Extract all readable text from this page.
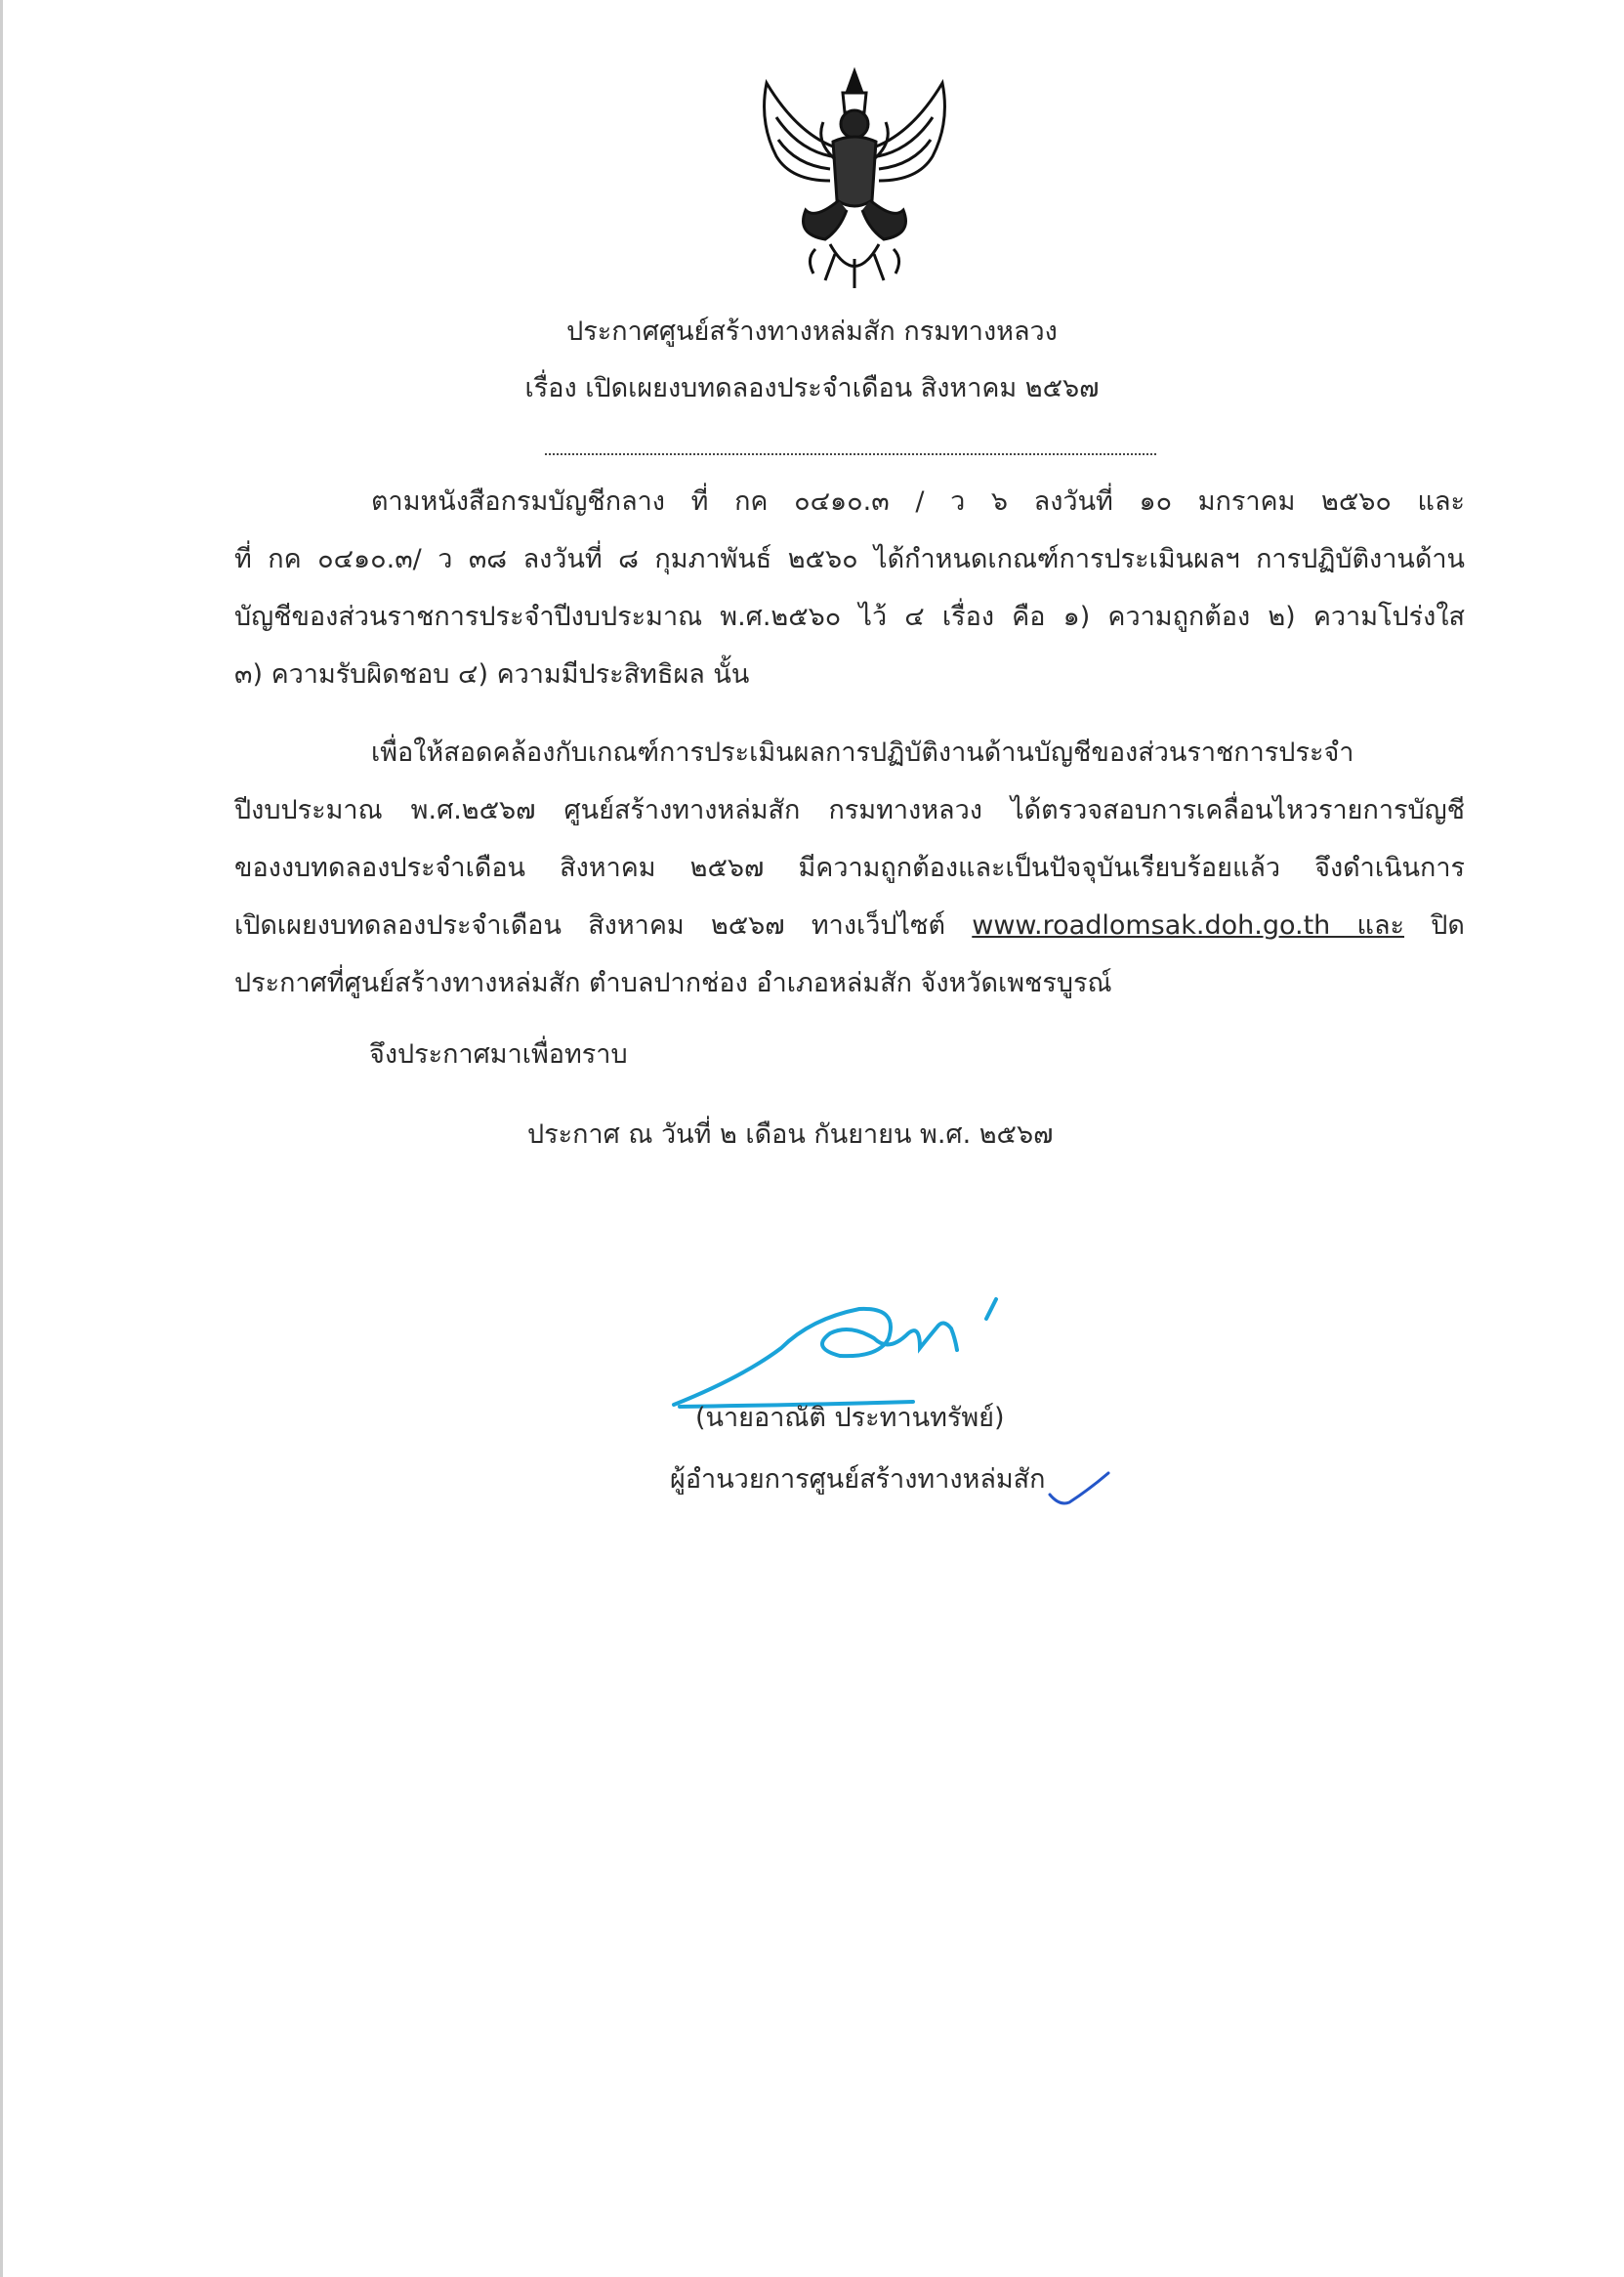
ประกาศศูนย์สร้างทางหล่มสัก กรมทางหลวง
เรื่อง เปิดเผยงบทดลองประจำเดือน สิงหาคม ๒๕๖๗
ตามหนังสือกรมบัญชีกลาง ที่ กค ๐๔๑๐.๓ / ว ๖ ลงวันที่ ๑๐ มกราคม ๒๕๖๐ และ
ที่ กค ๐๔๑๐.๓/ ว ๓๘ ลงวันที่ ๘ กุมภาพันธ์ ๒๕๖๐ ได้กำหนดเกณฑ์การประเมินผลฯ การปฏิบัติงานด้าน
บัญชีของส่วนราชการประจำปีงบประมาณ พ.ศ.๒๕๖๐ ไว้ ๔ เรื่อง คือ ๑) ความถูกต้อง ๒) ความโปร่งใส
๓) ความรับผิดชอบ ๔) ความมีประสิทธิผล นั้น
เพื่อให้สอดคล้องกับเกณฑ์การประเมินผลการปฏิบัติงานด้านบัญชีของส่วนราชการประจำ
ปีงบประมาณ พ.ศ.๒๕๖๗ ศูนย์สร้างทางหล่มสัก กรมทางหลวง ได้ตรวจสอบการเคลื่อนไหวรายการบัญชี
ของงบทดลองประจำเดือน สิงหาคม ๒๕๖๗ มีความถูกต้องและเป็นปัจจุบันเรียบร้อยแล้ว จึงดำเนินการ
เปิดเผยงบทดลองประจำเดือน สิงหาคม ๒๕๖๗ ทางเว็ปไซต์ www.roadlomsak.doh.go.th และ ปิด
ประกาศที่ศูนย์สร้างทางหล่มสัก ตำบลปากช่อง อำเภอหล่มสัก จังหวัดเพชรบูรณ์
จึงประกาศมาเพื่อทราบ
ประกาศ ณ วันที่ ๒ เดือน กันยายน พ.ศ. ๒๕๖๗
(นายอาณัติ ประทานทรัพย์)
ผู้อำนวยการศูนย์สร้างทางหล่มสัก
